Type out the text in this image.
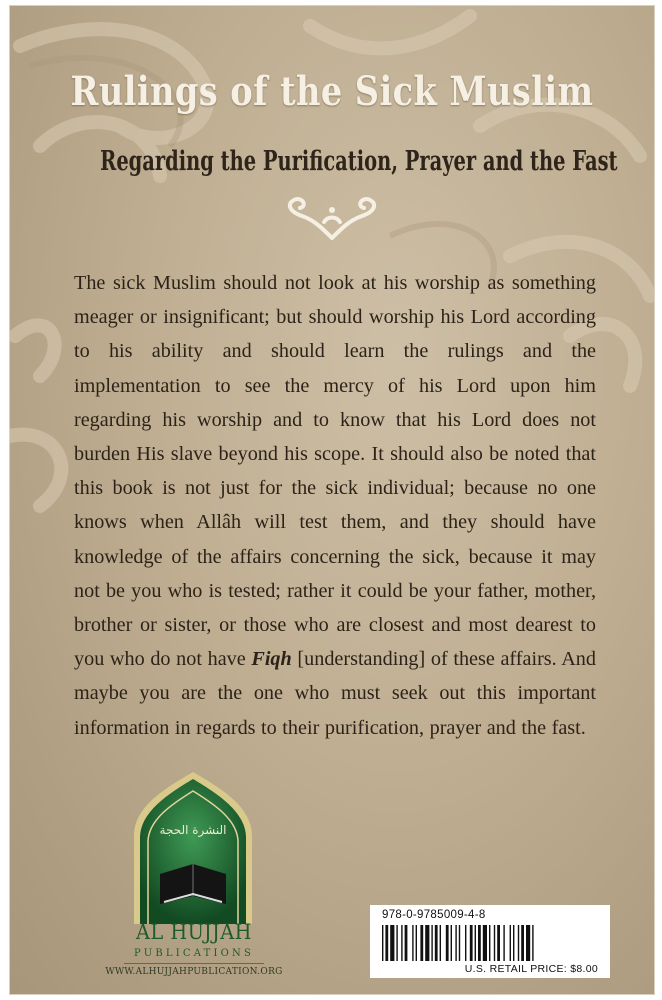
Rulings of the Sick Muslim
Regarding the Purification, Prayer and the Fast

The sick Muslim should not look at his worship as something meager or insignificant; but should worship his Lord according to his ability and should learn the rulings and the implementation to see the mercy of his Lord upon him regarding his worship and to know that his Lord does not burden His slave beyond his scope. It should also be noted that this book is not just for the sick individual; because no one knows when Allâh will test them, and they should have knowledge of the affairs concerning the sick, because it may not be you who is tested; rather it could be your father, mother, brother or sister, or those who are closest and most dearest to you who do not have Fiqh [understanding] of these affairs. And maybe you are the one who must seek out this important information in regards to their purification, prayer and the fast.

النشرة الحجة
AL HUJJAH
PUBLICATIONS
WWW.ALHUJJAHPUBLICATION.ORG
978-0-9785009-4-8
U.S. RETAIL PRICE: $8.00
